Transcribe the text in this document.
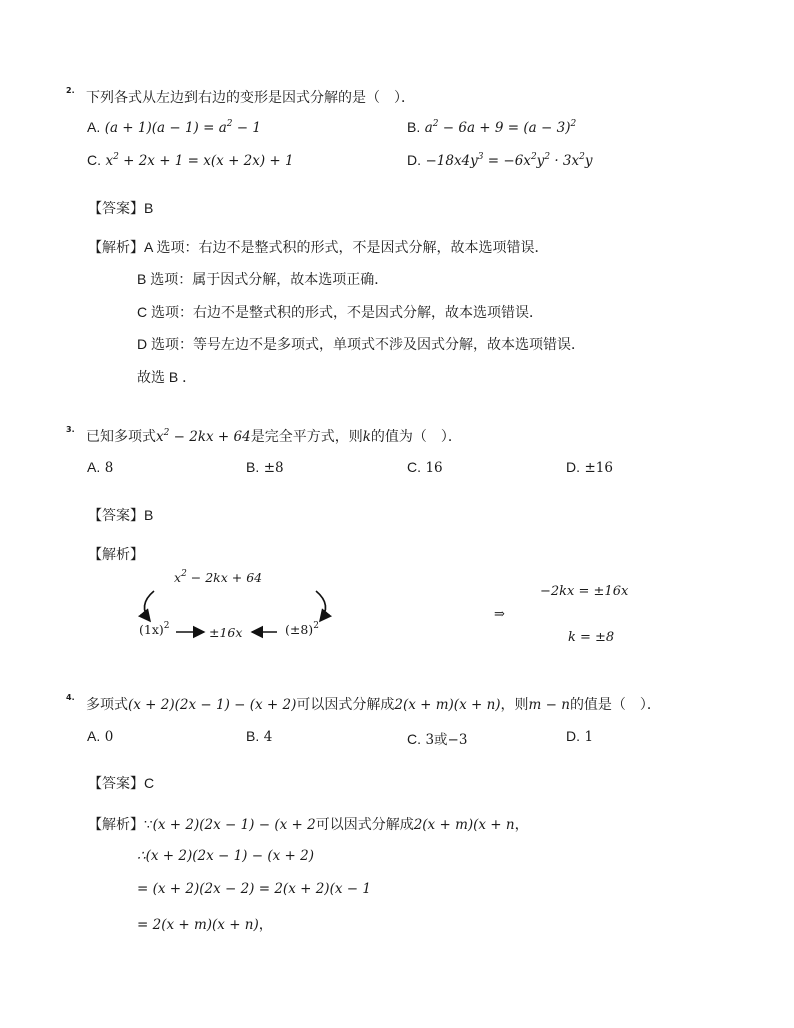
2. 下列各式从左边到右边的变形是因式分解的是（　）．
A. $(a + 1)(a - 1) = a^2 - 1$	B. $a^2 - 6a + 9 = (a - 3)^2$
C. $x^2 + 2x + 1 = x(x + 2x) + 1$	D. $-18x4y^3 = -6x^2y^2 \cdot 3x^2y$
【答案】B
【解析】A 选项：右边不是整式积的形式，不是因式分解，故本选项错误．
B 选项：属于因式分解，故本选项正确．
C 选项：右边不是整式积的形式，不是因式分解，故本选项错误．
D 选项：等号左边不是多项式，单项式不涉及因式分解，故本选项错误．
故选 B ．
3. 已知多项式$x^2 - 2kx + 64$是完全平方式，则k的值为（　）．
A. 8	B. ±8	C. 16	D. ±16
【答案】B
【解析】
$x^2 - 2kx + 64$
$(1x)^2$	±16x	$(\pm 8)^2$
⇒
−2kx = ±16x
k = ±8
4. 多项式(x + 2)(2x − 1) − (x + 2)可以因式分解成2(x + m)(x + n)，则m − n的值是（　）．
A. 0	B. 4	C. 3或−3	D. 1
【答案】C
【解析】∵(x + 2)(2x − 1) − (x + 2可以因式分解成2(x + m)(x + n，
∴(x + 2)(2x − 1) − (x + 2)
= (x + 2)(2x − 2) = 2(x + 2)(x − 1
= 2(x + m)(x + n)，
